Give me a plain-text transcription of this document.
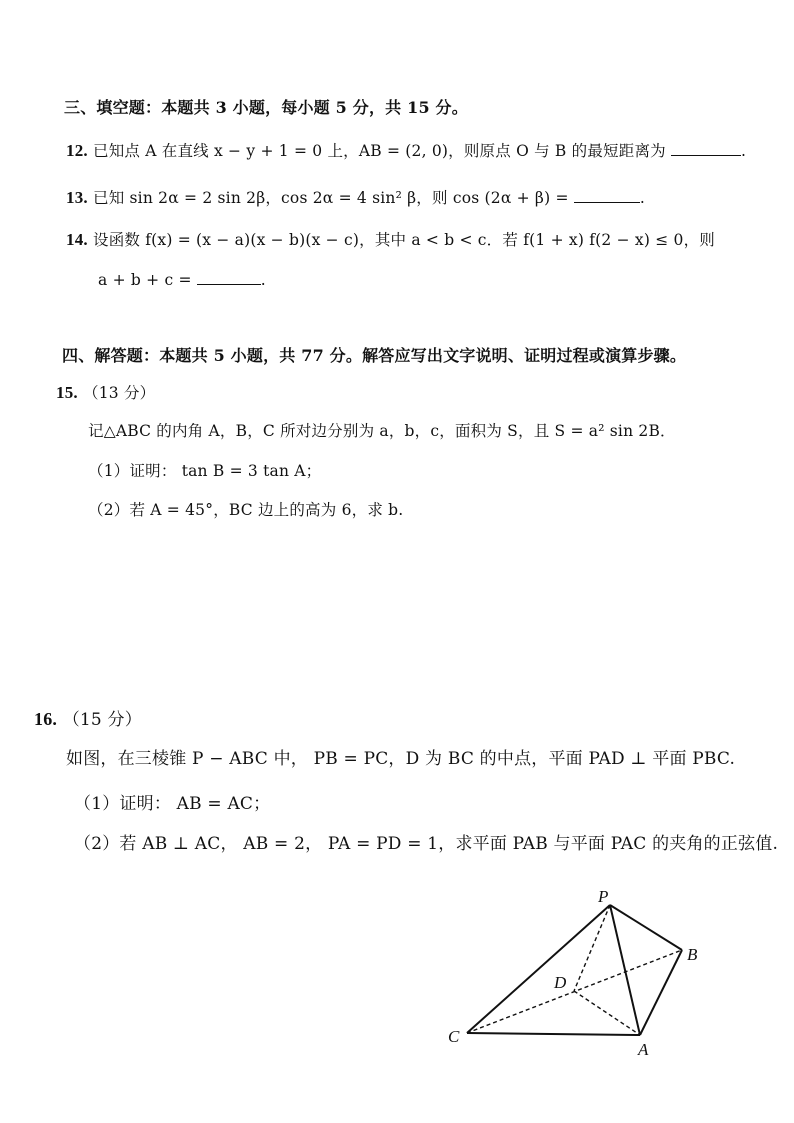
三、填空题：本题共 3 小题，每小题 5 分，共 15 分。
12. 已知点 A 在直线 x − y + 1 = 0 上，AB = (2, 0)，则原点 O 与 B 的最短距离为	.
13. 已知 sin 2α = 2 sin 2β，cos 2α = 4 sin² β，则 cos (2α + β) =	.
14. 设函数 f(x) = (x − a)(x − b)(x − c)，其中 a < b < c．若 f(1 + x) f(2 − x) ≤ 0，则
a + b + c =	.
四、解答题：本题共 5 小题，共 77 分。解答应写出文字说明、证明过程或演算步骤。
15. （13 分）
记△ABC 的内角 A，B，C 所对边分别为 a，b，c，面积为 S，且 S = a² sin 2B．
（1）证明： tan B = 3 tan A；
（2）若 A = 45°，BC 边上的高为 6，求 b.
16. （15 分）
如图，在三棱锥 P − ABC 中， PB = PC，D 为 BC 的中点，平面 PAD ⊥ 平面 PBC.
（1）证明： AB = AC；
（2）若 AB ⊥ AC， AB = 2， PA = PD = 1，求平面 PAB 与平面 PAC 的夹角的正弦值.
P
B
D
C
A
